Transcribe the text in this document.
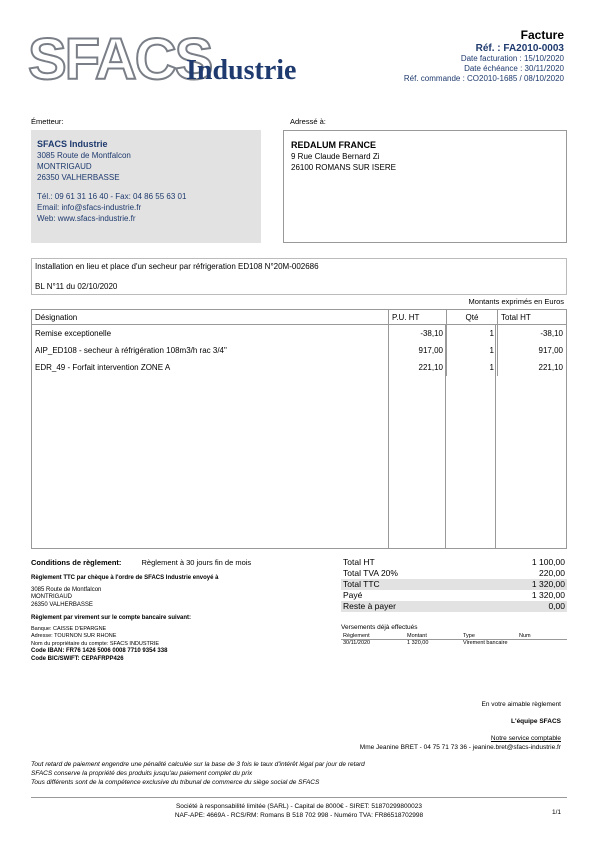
SFACS
Industrie
Facture
Réf. : FA2010-0003
Date facturation : 15/10/2020
Date échéance : 30/11/2020
Réf. commande : CO2010-1685 / 08/10/2020
Émetteur:	Adressé à:
SFACS Industrie
3085 Route de Montfalcon
MONTRIGAUD
26350 VALHERBASSE
Tél.: 09 61 31 16 40 - Fax: 04 86 55 63 01
Email: info@sfacs-industrie.fr
Web: www.sfacs-industrie.fr
REDALUM FRANCE
9 Rue Claude Bernard Zi
26100 ROMANS SUR ISERE
Installation en lieu et place d'un secheur par réfrigeration ED108 N°20M-002686
BL N°11 du 02/10/2020
Montants exprimés en Euros
Désignation	P.U. HT	Qté	Total HT
Remise exceptionelle	-38,10	1	-38,10
AIP_ED108 - secheur à réfrigération 108m3/h rac 3/4"	917,00	1	917,00
EDR_49 - Forfait intervention ZONE A	221,10	1	221,10
Conditions de règlement:	Règlement à 30 jours fin de mois
Règlement TTC par chèque à l'ordre de SFACS Industrie envoyé à
3085 Route de Montfalcon
MONTRIGAUD
26350 VALHERBASSE
Règlement par virement sur le compte bancaire suivant:
Banque: CAISSE D'EPARGNE
Adresse: TOURNON SUR RHONE
Nom du propriétaire du compte: SFACS INDUSTRIE
Code IBAN: FR76 1426 5006 0008 7710 9354 338
Code BIC/SWIFT: CEPAFRPP426
Total HT	1 100,00
Total TVA 20%	220,00
Total TTC	1 320,00
Payé	1 320,00
Reste à payer	0,00
Versements déjà effectués
Règlement	Montant	Type	Num
30/11/2020	1 320,00	Virement bancaire	
En votre aimable règlement
L'équipe SFACS
Notre service comptable
Mme Jeanine BRET - 04 75 71 73 36 - jeanine.bret@sfacs-industrie.fr
Tout retard de paiement engendre une pénalité calculée sur la base de 3 fois le taux d'intérêt légal par jour de retard
SFACS conserve la propriété des produits jusqu'au paiement complet du prix
Tous différents sont de la compétence exclusive du tribunal de commerce du siège social de SFACS
Société à responsabilité limitée (SARL) - Capital de 8000€ - SIRET: 51870299800023
NAF-APE: 4669A - RCS/RM: Romans B 518 702 998 - Numéro TVA: FR86518702998	1/1
